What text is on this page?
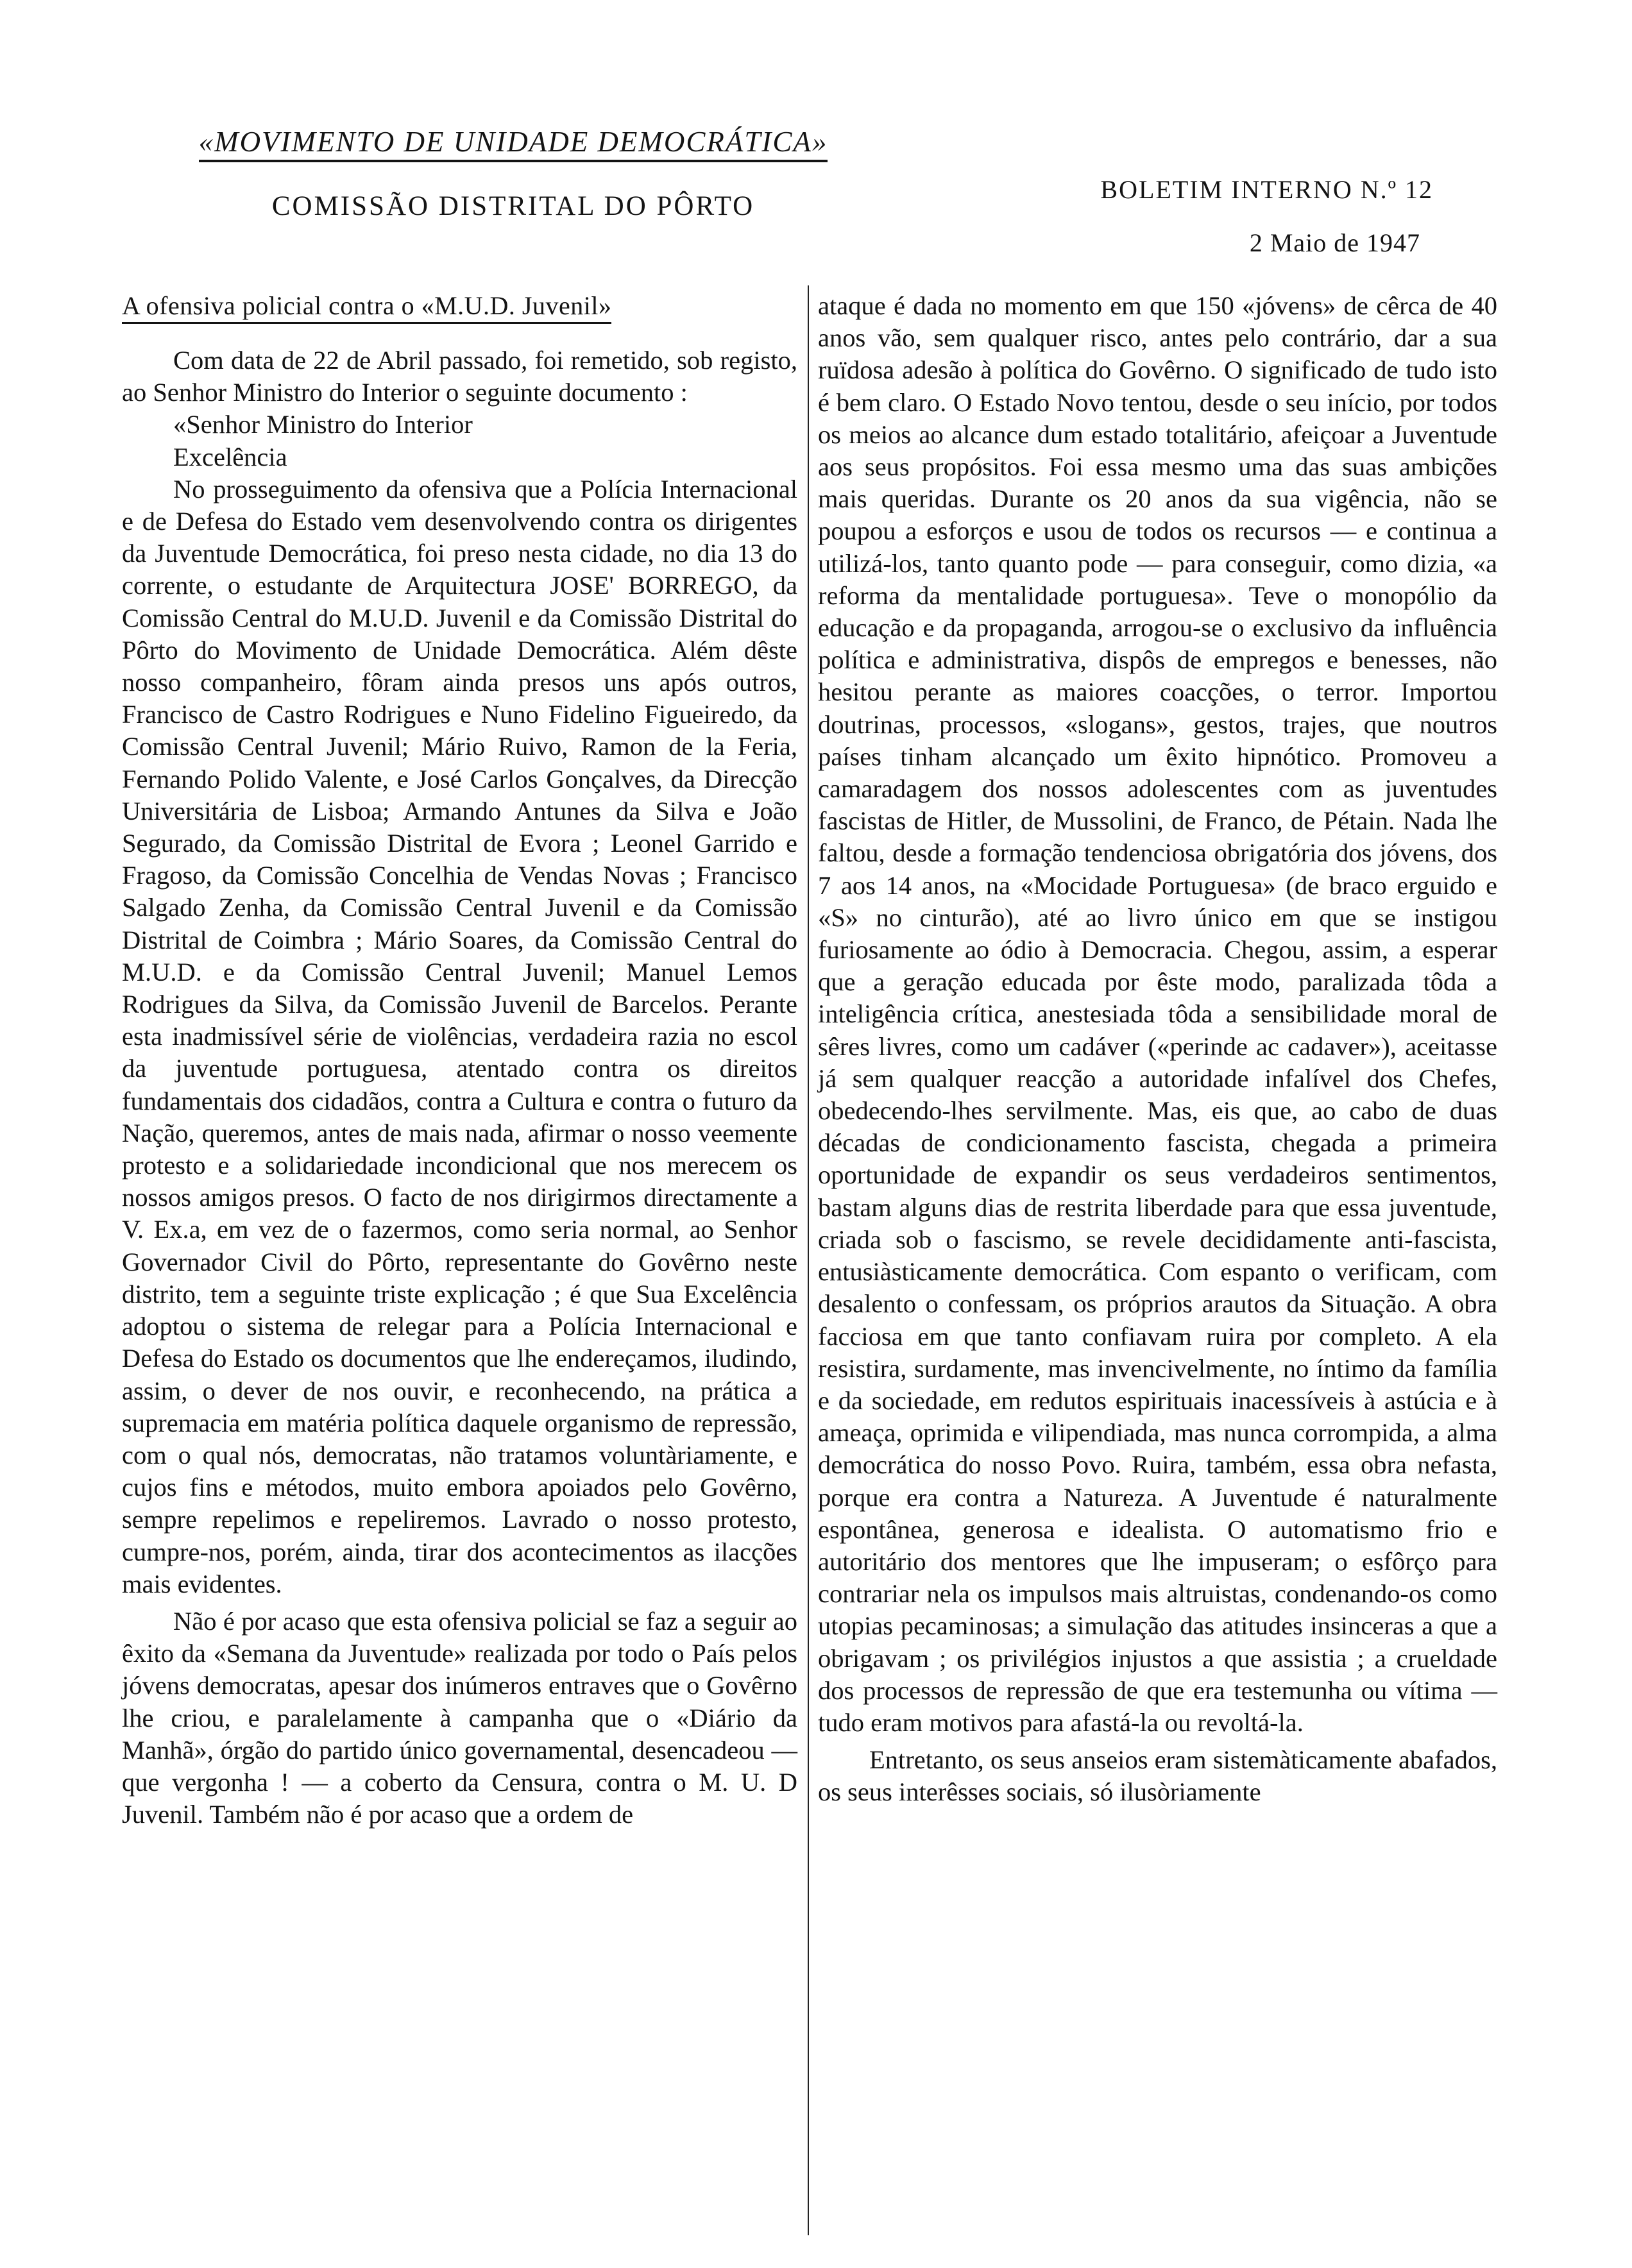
«MOVIMENTO DE UNIDADE DEMOCRÁTICA»
COMISSÃO DISTRITAL DO PÔRTO
BOLETIM INTERNO N.º 12
2 Maio de 1947
A ofensiva policial contra o «M.U.D. Juvenil»

Com data de 22 de Abril passado, foi remetido, sob registo, ao Senhor Ministro do Interior o seguinte documento :

«Senhor Ministro do Interior

Excelência

No prosseguimento da ofensiva que a Polícia Internacional e de Defesa do Estado vem desenvolvendo contra os dirigentes da Juventude Democrática, foi preso nesta cidade, no dia 13 do corrente, o estudante de Arquitectura JOSE' BORREGO, da Comissão Central do M.U.D. Juvenil e da Comissão Distrital do Pôrto do Movimento de Unidade Democrática. Além dêste nosso companheiro, fôram ainda presos uns após outros, Francisco de Castro Rodrigues e Nuno Fidelino Figueiredo, da Comissão Central Juvenil; Mário Ruivo, Ramon de la Feria, Fernando Polido Valente, e José Carlos Gonçalves, da Direcção Universitária de Lisboa; Armando Antunes da Silva e João Segurado, da Comissão Distrital de Evora ; Leonel Garrido e Fragoso, da Comissão Concelhia de Vendas Novas ; Francisco Salgado Zenha, da Comissão Central Juvenil e da Comissão Distrital de Coimbra ; Mário Soares, da Comissão Central do M.U.D. e da Comissão Central Juvenil; Manuel Lemos Rodrigues da Silva, da Comissão Juvenil de Barcelos. Perante esta inadmissível série de violências, verdadeira razia no escol da juventude portuguesa, atentado contra os direitos fundamentais dos cidadãos, contra a Cultura e contra o futuro da Nação, queremos, antes de mais nada, afirmar o nosso veemente protesto e a solidariedade incondicional que nos merecem os nossos amigos presos. O facto de nos dirigirmos directamente a V. Ex.a, em vez de o fazermos, como seria normal, ao Senhor Governador Civil do Pôrto, representante do Govêrno neste distrito, tem a seguinte triste explicação ; é que Sua Excelência adoptou o sistema de relegar para a Polícia Internacional e Defesa do Estado os documentos que lhe endereçamos, iludindo, assim, o dever de nos ouvir, e reconhecendo, na prática a supremacia em matéria política daquele organismo de repressão, com o qual nós, democratas, não tratamos voluntàriamente, e cujos fins e métodos, muito embora apoiados pelo Govêrno, sempre repelimos e repeliremos. Lavrado o nosso protesto, cumpre-nos, porém, ainda, tirar dos acontecimentos as ilacções mais evidentes.

Não é por acaso que esta ofensiva policial se faz a seguir ao êxito da «Semana da Juventude» realizada por todo o País pelos jóvens democratas, apesar dos inúmeros entraves que o Govêrno lhe criou, e paralelamente à campanha que o «Diário da Manhã», órgão do partido único governamental, desencadeou — que vergonha ! — a coberto da Censura, contra o M. U. D Juvenil. Também não é por acaso que a ordem de

ataque é dada no momento em que 150 «jóvens» de cêrca de 40 anos vão, sem qualquer risco, antes pelo contrário, dar a sua ruïdosa adesão à política do Govêrno. O significado de tudo isto é bem claro. O Estado Novo tentou, desde o seu início, por todos os meios ao alcance dum estado totalitário, afeiçoar a Juventude aos seus propósitos. Foi essa mesmo uma das suas ambições mais queridas. Durante os 20 anos da sua vigência, não se poupou a esforços e usou de todos os recursos — e continua a utilizá-los, tanto quanto pode — para conseguir, como dizia, «a reforma da mentalidade portuguesa». Teve o monopólio da educação e da propaganda, arrogou-se o exclusivo da influência política e administrativa, dispôs de empregos e benesses, não hesitou perante as maiores coacções, o terror. Importou doutrinas, processos, «slogans», gestos, trajes, que noutros países tinham alcançado um êxito hipnótico. Promoveu a camaradagem dos nossos adolescentes com as juventudes fascistas de Hitler, de Mussolini, de Franco, de Pétain. Nada lhe faltou, desde a formação tendenciosa obrigatória dos jóvens, dos 7 aos 14 anos, na «Mocidade Portuguesa» (de braco erguido e «S» no cinturão), até ao livro único em que se instigou furiosamente ao ódio à Democracia. Chegou, assim, a esperar que a geração educada por êste modo, paralizada tôda a inteligência crítica, anestesiada tôda a sensibilidade moral de sêres livres, como um cadáver («perinde ac cadaver»), aceitasse já sem qualquer reacção a autoridade infalível dos Chefes, obedecendo-lhes servilmente. Mas, eis que, ao cabo de duas décadas de condicionamento fascista, chegada a primeira oportunidade de expandir os seus verdadeiros sentimentos, bastam alguns dias de restrita liberdade para que essa juventude, criada sob o fascismo, se revele decididamente anti-fascista, entusiàsticamente democrática. Com espanto o verificam, com desalento o confessam, os próprios arautos da Situação. A obra facciosa em que tanto confiavam ruira por completo. A ela resistira, surdamente, mas invencivelmente, no íntimo da família e da sociedade, em redutos espirituais inacessíveis à astúcia e à ameaça, oprimida e vilipendiada, mas nunca corrompida, a alma democrática do nosso Povo. Ruira, também, essa obra nefasta, porque era contra a Natureza. A Juventude é naturalmente espontânea, generosa e idealista. O automatismo frio e autoritário dos mentores que lhe impuseram; o esfôrço para contrariar nela os impulsos mais altruistas, condenando-os como utopias pecaminosas; a simulação das atitudes insinceras a que a obrigavam ; os privilégios injustos a que assistia ; a crueldade dos processos de repressão de que era testemunha ou vítima — tudo eram motivos para afastá-la ou revoltá-la.

Entretanto, os seus anseios eram sistemàticamente abafados, os seus interêsses sociais, só ilusòriamente
